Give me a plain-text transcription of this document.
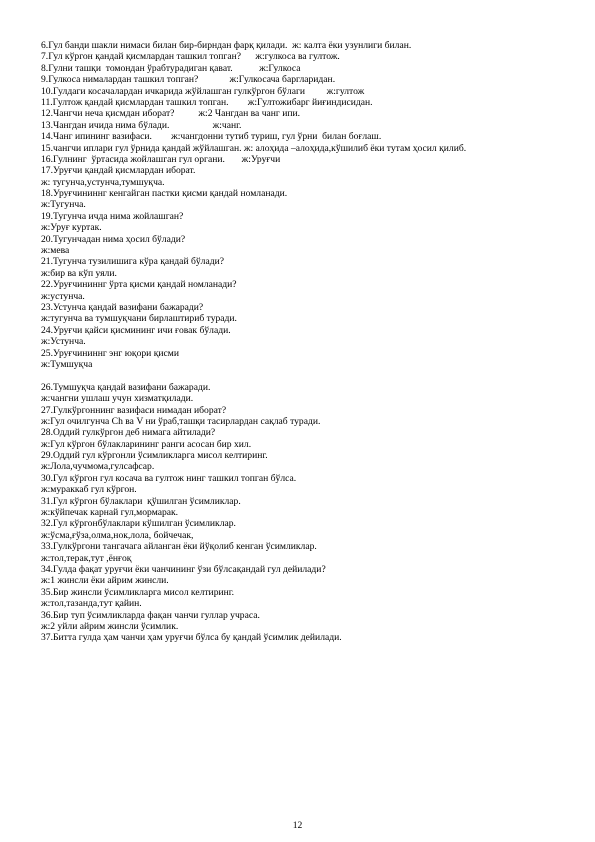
6.Гул банди шакли нимаси билан бир-бирндан фарқ қилади.  ж: калта ёки узунлиги билан.
7.Гул кўргон қандай қисмлардан ташкил топган?      ж:гулкоса ва гултож.
8.Гулни ташқи  томондан ўрабтурадиган қават.           ж:Гулкоса
9.Гулкоса нималардан ташкил топган?             ж:Гулкосача баргларидан.
10.Гулдаги косачалардан ичкарида жўйлашган гулкўргон бўлаги         ж:гултож
11.Гултож қандай қисмлардан ташкил топган.        ж:Гултожибарг йиғиндисидан.
12.Чангчи неча қисмдан иборат?          ж:2 Чангдан ва чанг ипи.
13.Чангдан ичида нима бўлади.                  ж:чанг.
14.Чанг ипининг вазифаси.        ж:чангдонни тутиб туриш, гул ўрни  билан боғлаш.
15.чангчи иплари гул ўрнида қандай жўйлашган. ж: алоҳида –алоҳида,кўшилиб ёки тутам ҳосил қилиб.
16.Гулнинг  ўртасида жойлашган гул органи.       ж:Уруғчи
17.Уруғчи қандай қисмлардан иборат.
ж: тугунча,устунча,тумшуқча.
18.Уруғчининнг кенгайган пастки қисми қандай номланади.
ж:Тугунча.
19.Тугунча ичда нима жойлашган?
ж:Уруғ куртак.
20.Тугунчадан нима ҳосил бўлади?
ж:мева
21.Тугунча тузилишига кўра қандай бўлади?
ж:бир ва кўп уяли.
22.Уруғчининнг ўрта қисми қандай номланади?
ж:устунча.
23.Устунча қандай вазифани бажаради?
ж:тугунча ва тумшуқчани бирлаштириб туради.
24.Уруғчи қайси қисмининг ичи ғовак бўлади.
ж:Устунча.
25.Уруғчининнг энг юқори қисми
ж:Тумшуқча
26.Тумшуқча қандай вазифани бажаради.
ж:чангни ушлаш учун хизматқилади.
27.Гулкўргоннинг вазифаси нимадан иборат?
ж:Гул очилгунча Ch ва V ни ўраб,ташқи тасирлардан сақлаб туради.
28.Оддий гулкўргон деб нимага айтилади?
ж:Гул кўргон бўлакларининг ранги асосан бир хил.
29.Оддий гул кўргонли ўсимликларга мисол келтиринг.
ж:Лола,чучмома,гулсафсар.
30.Гул кўргон гул косача ва гултож нинг ташкил топган бўлса.
ж:мураккаб гул кўргон.
31.Гул кўргон бўлаклари  қўшилган ўсимликлар.
ж:кўйпечак карнай гул,мормарак.
32.Гул кўргонбўлаклари кўшилган ўсимликлар.
ж:ўсма,ғўза,олма,нок,лола, бойчечак,
33.Гулкўргони тангачага айланган ёки йўқолиб кенган ўсимликлар.
ж:тол,терак,тут ,ёнғоқ
34.Гулда фақат уруғчи ёки чанчининг ўзи бўлсақандай гул дейилади?
ж:1 жинсли ёки айрим жинсли.
35.Бир жинсли ўсимликларга мисол келтиринг.
ж:тол,тазанда,тут қайин.
36.Бир туп ўсимликларда фақан чанчи гуллар учраса.
ж:2 уйли айрим жинсли ўсимлик.
37.Битта гулда ҳам чанчи ҳам уруғчи бўлса бу қандай ўсимлик дейилади.
12
